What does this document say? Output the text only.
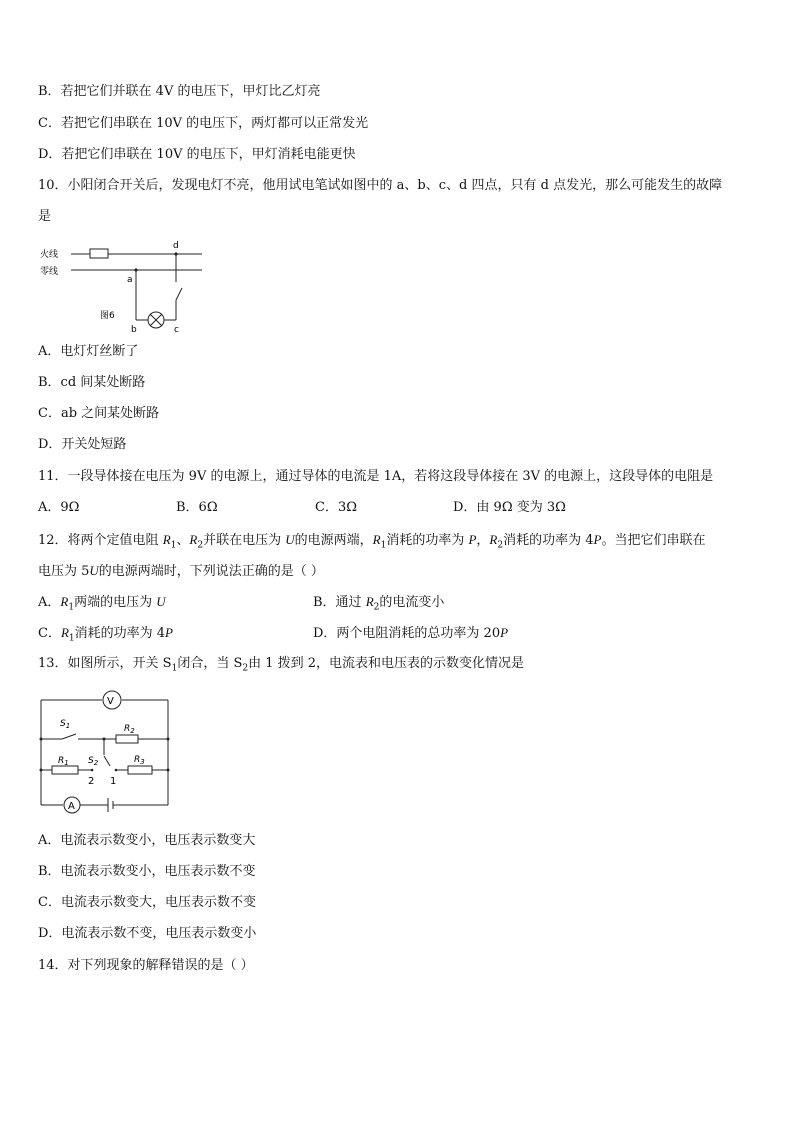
B．若把它们并联在 4V 的电压下，甲灯比乙灯亮
C．若把它们串联在 10V 的电压下，两灯都可以正常发光
D．若把它们串联在 10V 的电压下，甲灯消耗电能更快
10．小阳闭合开关后，发现电灯不亮，他用试电笔试如图中的 a、b、c、d 四点，只有 d 点发光，那么可能发生的故障
是
火线
零线
图6
a
b	c
d
A．电灯灯丝断了
B．cd 间某处断路
C．ab 之间某处断路
D．开关处短路
11．一段导体接在电压为 9V 的电源上，通过导体的电流是 1A，若将这段导体接在 3V 的电源上，这段导体的电阻是
A．9Ω	B．6Ω	C．3Ω	D．由 9Ω 变为 3Ω
12．将两个定值电阻 $R_1$、$R_2$并联在电压为 U的电源两端，$R_1$消耗的功率为 P，$R_2$消耗的功率为 4P。当把它们串联在
电压为 5U的电源两端时，下列说法正确的是（ ）
A．$R_1$两端的电压为 U	B．通过 $R_2$的电流变小
C．$R_1$消耗的功率为 4P	D．两个电阻消耗的总功率为 20P
13．如图所示，开关 $S_1$闭合，当 $S_2$由 1 拨到 2，电流表和电压表的示数变化情况是
V
A
$S_1$	$R_2$
$R_1$ $S_2$	$R_3$
2 1
A．电流表示数变小，电压表示数变大
B．电流表示数变小，电压表示数不变
C．电流表示数变大，电压表示数不变
D．电流表示数不变，电压表示数变小
14．对下列现象的解释错误的是（ ）
